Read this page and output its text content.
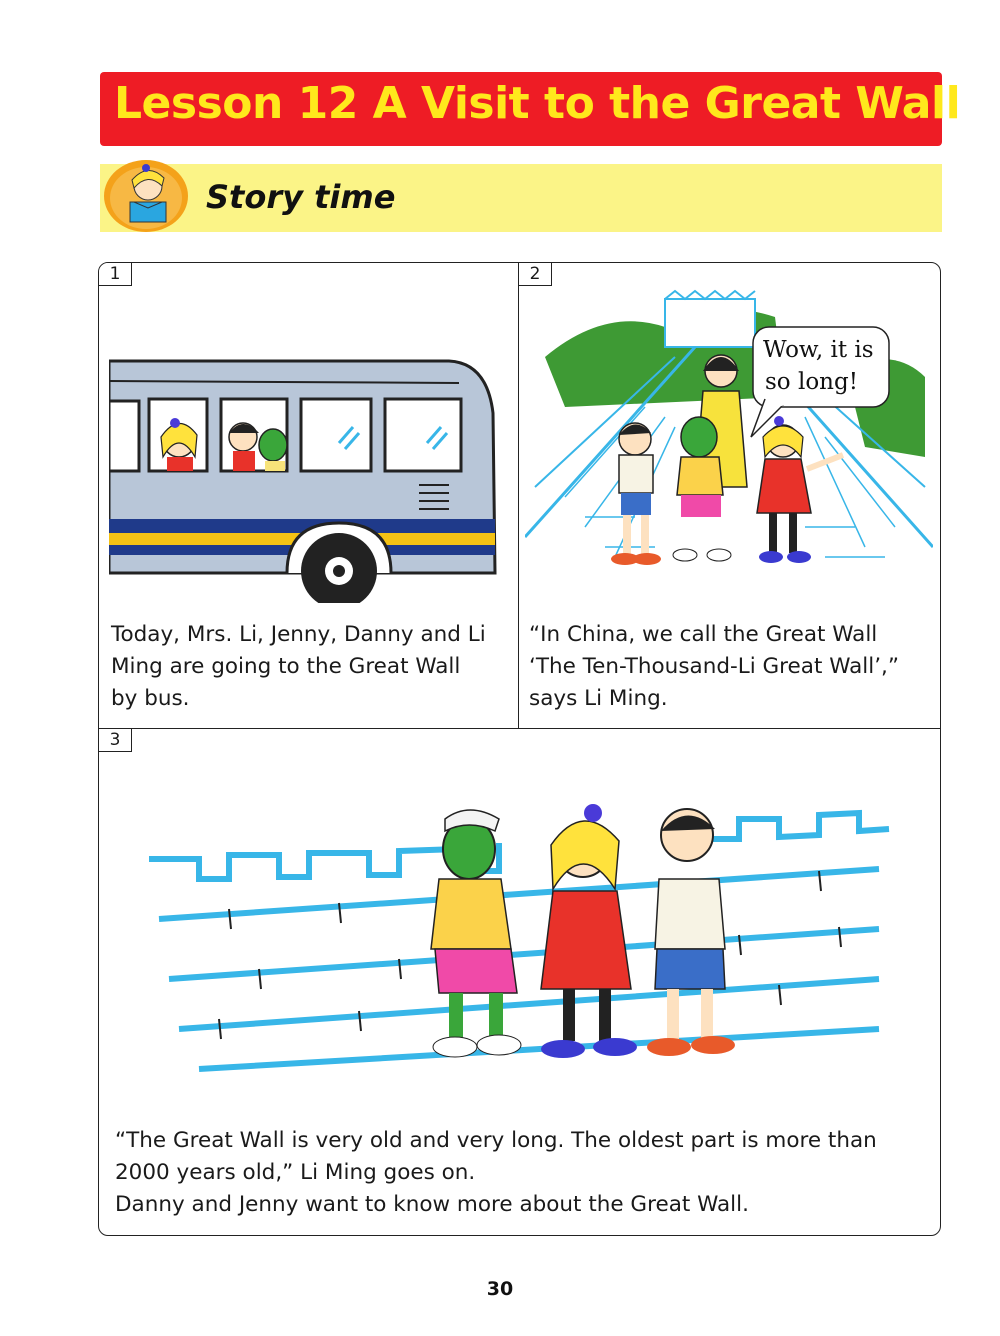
Lesson 12 A Visit to the Great Wall
Story time
1
Today, Mrs. Li, Jenny, Danny and Li
Ming are going to the Great Wall
by bus.
2
Wow, it is
so long!
“In China, we call the Great Wall
‘The Ten-Thousand-Li Great Wall’,”
says Li Ming.
3
“The Great Wall is very old and very long. The oldest part is more than
2000 years old,” Li Ming goes on.
Danny and Jenny want to know more about the Great Wall.
30
